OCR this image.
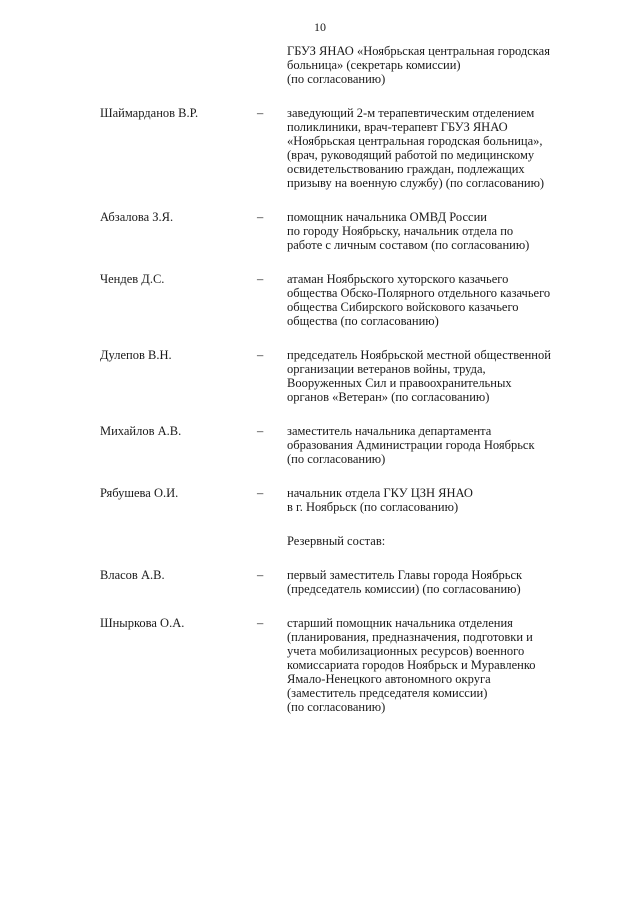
10
ГБУЗ ЯНАО «Ноябрьская центральная городская
больница» (секретарь комиссии)
(по согласованию)
Шаймарданов В.Р.	– заведующий 2-м терапевтическим отделением
поликлиники, врач-терапевт ГБУЗ ЯНАО
«Ноябрьская центральная городская больница»,
(врач, руководящий работой по медицинскому
освидетельствованию граждан, подлежащих
призыву на военную службу) (по согласованию)
Абзалова З.Я.	– помощник начальника ОМВД России
по городу Ноябрьску, начальник отдела по
работе с личным составом (по согласованию)
Чендев Д.С.	– атаман Ноябрьского хуторского казачьего
общества Обско-Полярного отдельного казачьего
общества Сибирского войскового казачьего
общества (по согласованию)
Дулепов В.Н.	– председатель Ноябрьской местной общественной
организации ветеранов войны, труда,
Вооруженных Сил и правоохранительных
органов «Ветеран» (по согласованию)
Михайлов А.В.	– заместитель начальника департамента
образования Администрации города Ноябрьск
(по согласованию)
Рябушева О.И.	– начальник отдела ГКУ ЦЗН ЯНАО
в г. Ноябрьск (по согласованию)
Резервный состав:
Власов А.В.	– первый заместитель Главы города Ноябрьск
(председатель комиссии) (по согласованию)
Шныркова О.А.	– старший помощник начальника отделения
(планирования, предназначения, подготовки и
учета мобилизационных ресурсов) военного
комиссариата городов Ноябрьск и Муравленко
Ямало-Ненецкого автономного округа
(заместитель председателя комиссии)
(по согласованию)
